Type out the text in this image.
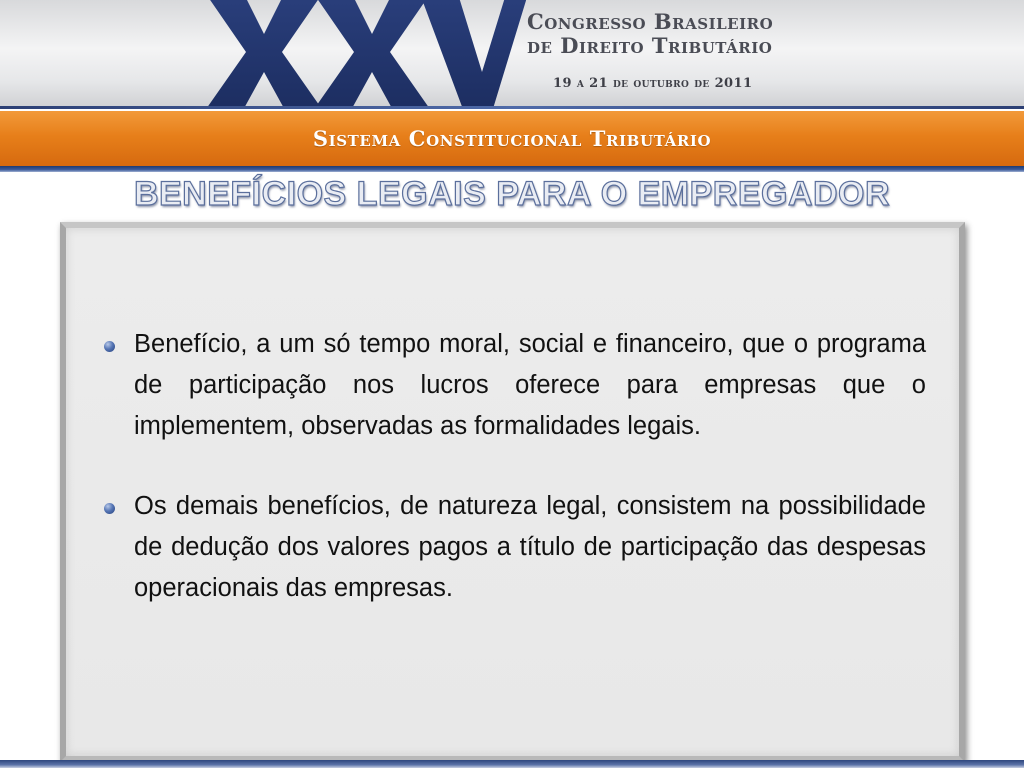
Congresso Brasileiro
de Direito Tributário
19 a 21 de outubro de 2011
Sistema Constitucional Tributário
BENEFÍCIOS LEGAIS PARA O EMPREGADOR
Benefício, a um só tempo moral, social e financeiro, que o programa de participação nos lucros oferece para empresas que o implementem, observadas as formalidades legais.
Os demais benefícios, de natureza legal, consistem na possibilidade de dedução dos valores pagos a título de participação das despesas operacionais das empresas.
